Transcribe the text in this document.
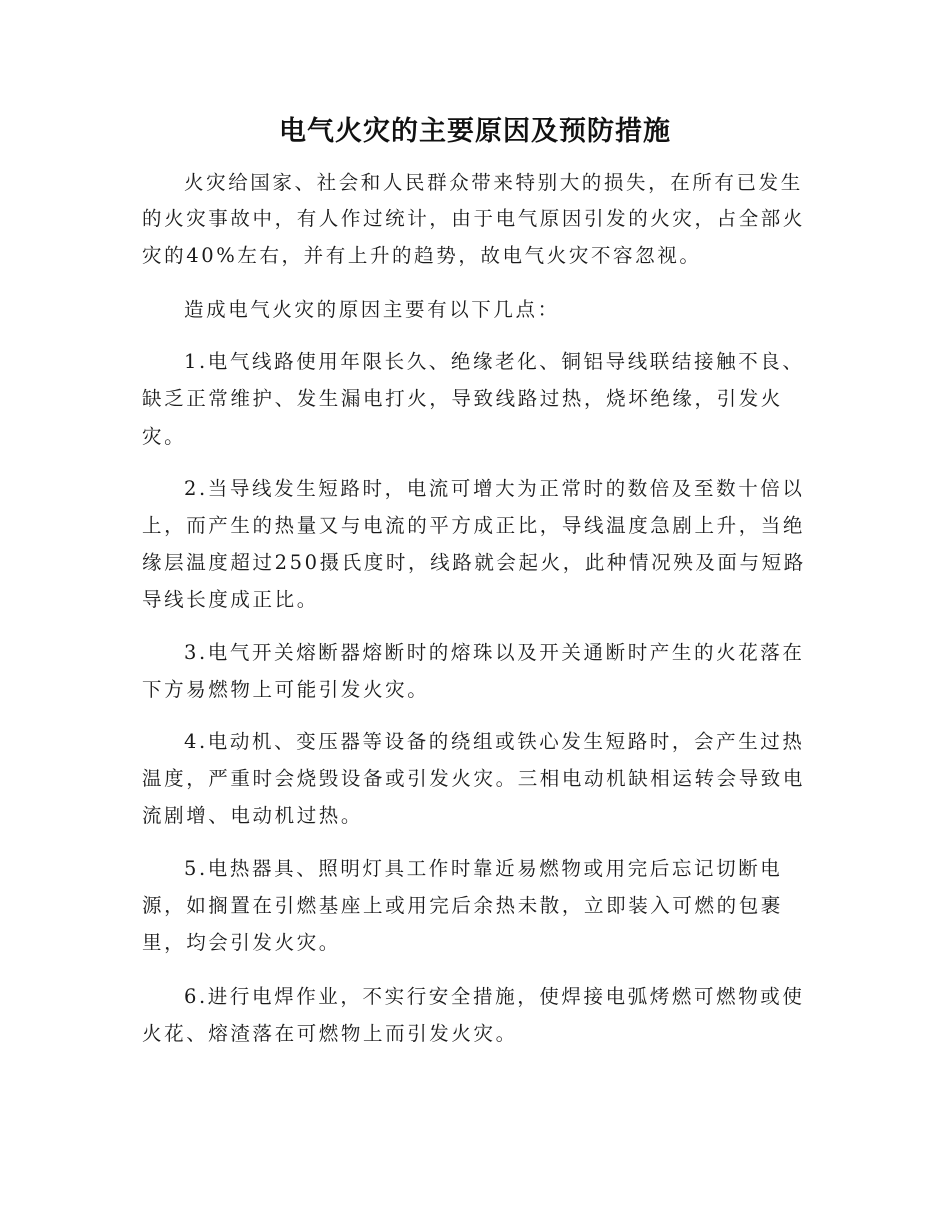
电气火灾的主要原因及预防措施
火灾给国家、社会和人民群众带来特别大的损失，在所有已发生
的火灾事故中，有人作过统计，由于电气原因引发的火灾，占全部火
灾的40%左右，并有上升的趋势，故电气火灾不容忽视。
造成电气火灾的原因主要有以下几点：
1.电气线路使用年限长久、绝缘老化、铜铝导线联结接触不良、
缺乏正常维护、发生漏电打火，导致线路过热，烧坏绝缘，引发火
灾。
2.当导线发生短路时，电流可增大为正常时的数倍及至数十倍以
上，而产生的热量又与电流的平方成正比，导线温度急剧上升，当绝
缘层温度超过250摄氏度时，线路就会起火，此种情况殃及面与短路
导线长度成正比。
3.电气开关熔断器熔断时的熔珠以及开关通断时产生的火花落在
下方易燃物上可能引发火灾。
4.电动机、变压器等设备的绕组或铁心发生短路时，会产生过热
温度，严重时会烧毁设备或引发火灾。三相电动机缺相运转会导致电
流剧增、电动机过热。
5.电热器具、照明灯具工作时靠近易燃物或用完后忘记切断电
源，如搁置在引燃基座上或用完后余热未散，立即装入可燃的包裹
里，均会引发火灾。
6.进行电焊作业，不实行安全措施，使焊接电弧烤燃可燃物或使
火花、熔渣落在可燃物上而引发火灾。
